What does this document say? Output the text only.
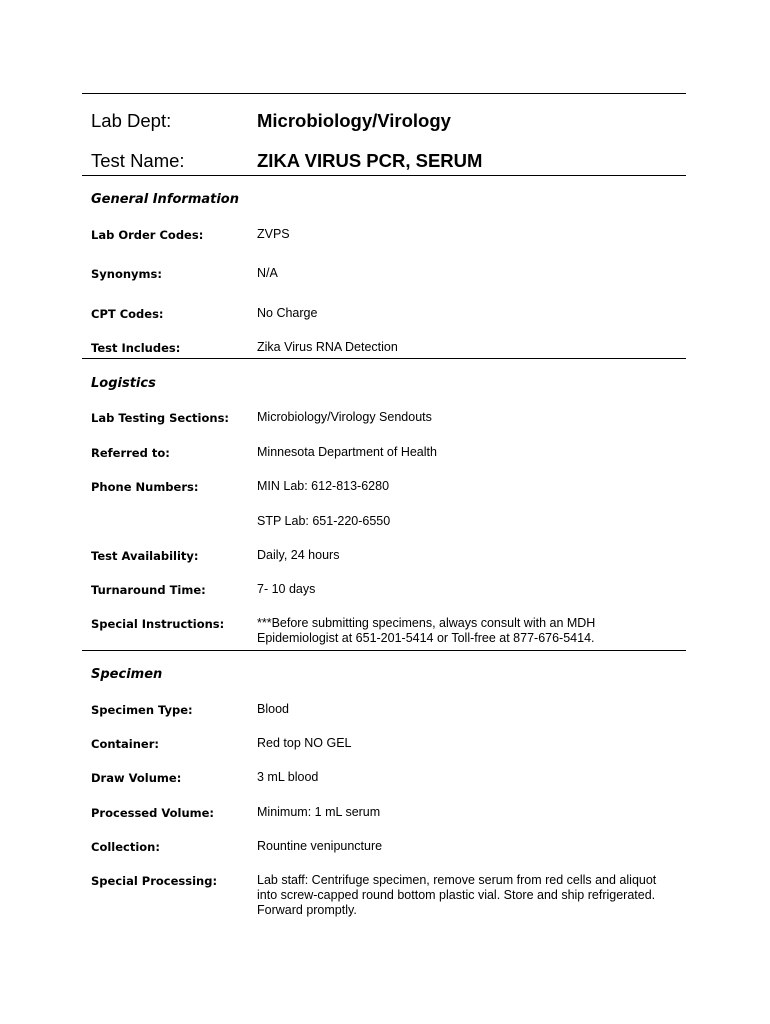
Lab Dept:	Microbiology/Virology
Test Name:	ZIKA VIRUS PCR, SERUM
General Information
Lab Order Codes:	ZVPS
Synonyms:	N/A
CPT Codes:	No Charge
Test Includes:	Zika Virus RNA Detection
Logistics
Lab Testing Sections: Microbiology/Virology Sendouts
Referred to:	Minnesota Department of Health
Phone Numbers:	MIN Lab: 612-813-6280
STP Lab: 651-220-6550
Test Availability:	Daily, 24 hours
Turnaround Time:	7- 10 days
Special Instructions:	***Before submitting specimens, always consult with an MDH
Epidemiologist at 651-201-5414 or Toll-free at 877-676-5414.
Specimen
Specimen Type:	Blood
Container:	Red top NO GEL
Draw Volume:	3 mL blood
Processed Volume:	Minimum: 1 mL serum
Collection:	Rountine venipuncture
Special Processing:	Lab staff: Centrifuge specimen, remove serum from red cells and aliquot
into screw-capped round bottom plastic vial. Store and ship refrigerated.
Forward promptly.
